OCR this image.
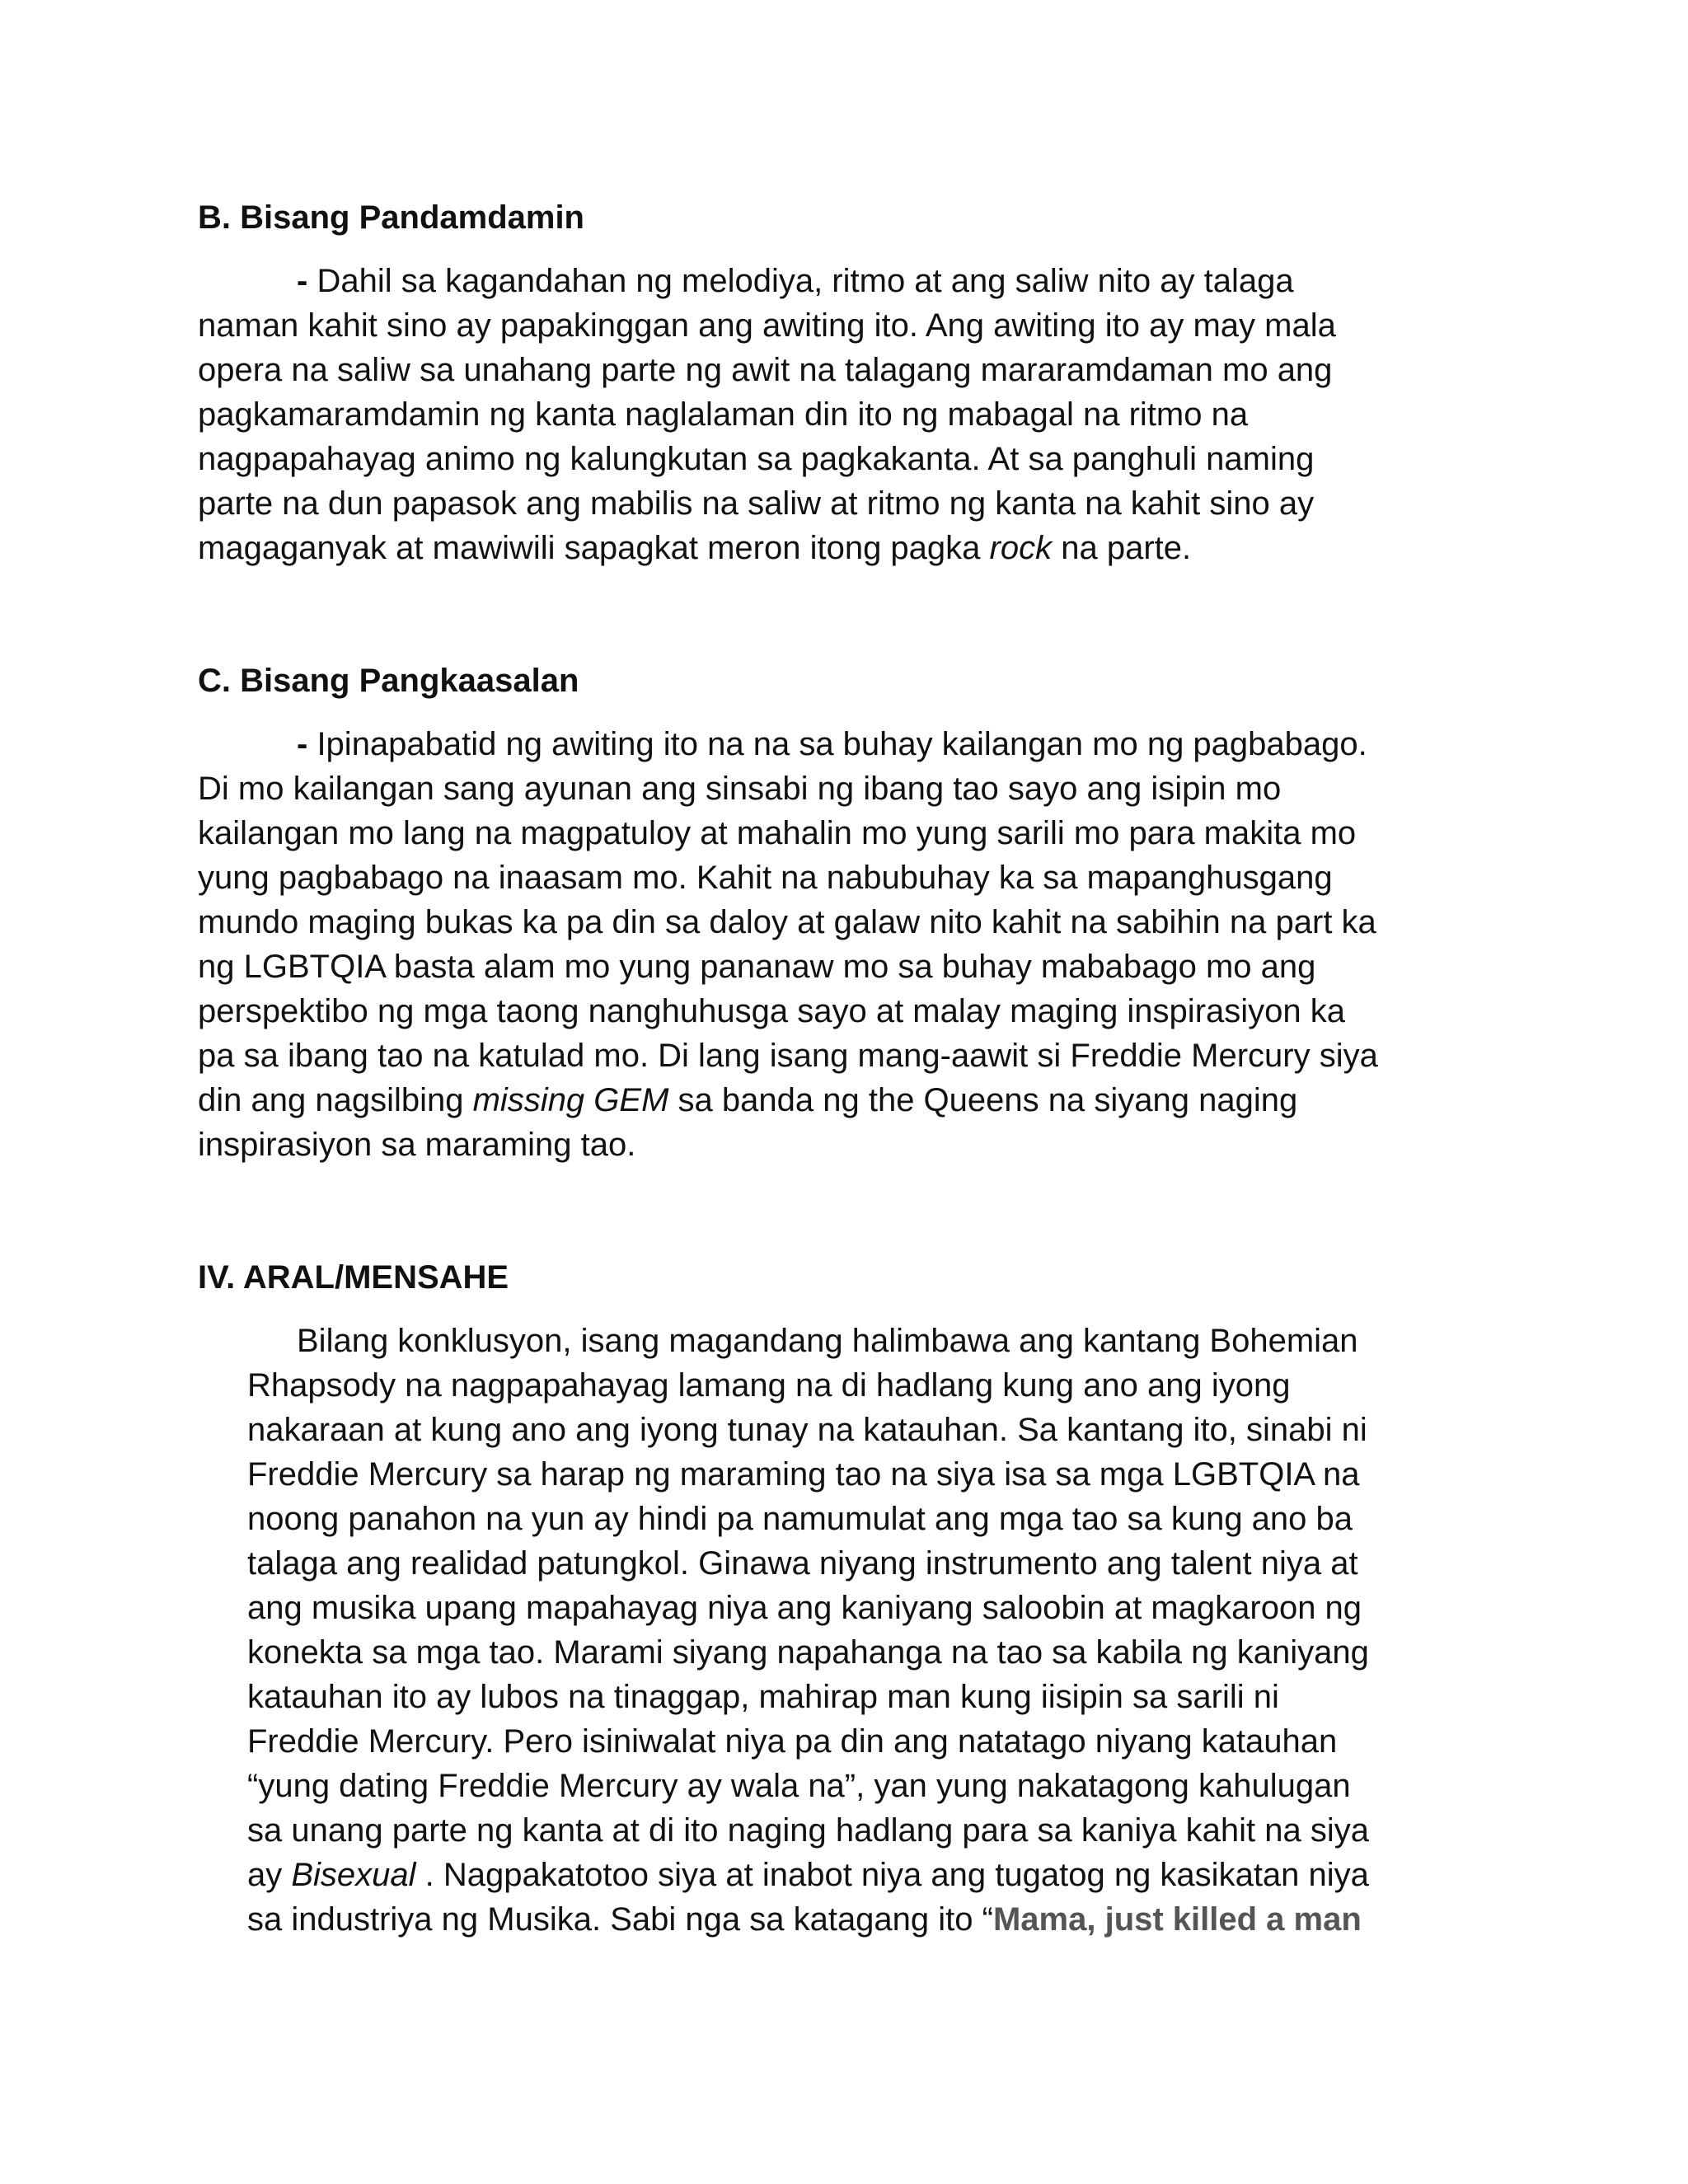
B. Bisang Pandamdamin
- Dahil sa kagandahan ng melodiya, ritmo at ang saliw nito ay talaga
naman kahit sino ay papakinggan ang awiting ito. Ang awiting ito ay may mala
opera na saliw sa unahang parte ng awit na talagang mararamdaman mo ang
pagkamaramdamin ng kanta naglalaman din ito ng mabagal na ritmo na
nagpapahayag animo ng kalungkutan sa pagkakanta. At sa panghuli naming
parte na dun papasok ang mabilis na saliw at ritmo ng kanta na kahit sino ay
magaganyak at mawiwili sapagkat meron itong pagka rock na parte.
C. Bisang Pangkaasalan
- Ipinapabatid ng awiting ito na na sa buhay kailangan mo ng pagbabago.
Di mo kailangan sang ayunan ang sinsabi ng ibang tao sayo ang isipin mo
kailangan mo lang na magpatuloy at mahalin mo yung sarili mo para makita mo
yung pagbabago na inaasam mo. Kahit na nabubuhay ka sa mapanghusgang
mundo maging bukas ka pa din sa daloy at galaw nito kahit na sabihin na part ka
ng LGBTQIA basta alam mo yung pananaw mo sa buhay mababago mo ang
perspektibo ng mga taong nanghuhusga sayo at malay maging inspirasiyon ka
pa sa ibang tao na katulad mo. Di lang isang mang-aawit si Freddie Mercury siya
din ang nagsilbing missing GEM sa banda ng the Queens na siyang naging
inspirasiyon sa maraming tao.
IV. ARAL/MENSAHE
Bilang konklusyon, isang magandang halimbawa ang kantang Bohemian
Rhapsody na nagpapahayag lamang na di hadlang kung ano ang iyong
nakaraan at kung ano ang iyong tunay na katauhan. Sa kantang ito, sinabi ni
Freddie Mercury sa harap ng maraming tao na siya isa sa mga LGBTQIA na
noong panahon na yun ay hindi pa namumulat ang mga tao sa kung ano ba
talaga ang realidad patungkol. Ginawa niyang instrumento ang talent niya at
ang musika upang mapahayag niya ang kaniyang saloobin at magkaroon ng
konekta sa mga tao. Marami siyang napahanga na tao sa kabila ng kaniyang
katauhan ito ay lubos na tinaggap, mahirap man kung iisipin sa sarili ni
Freddie Mercury. Pero isiniwalat niya pa din ang natatago niyang katauhan
“yung dating Freddie Mercury ay wala na”, yan yung nakatagong kahulugan
sa unang parte ng kanta at di ito naging hadlang para sa kaniya kahit na siya
ay Bisexual . Nagpakatotoo siya at inabot niya ang tugatog ng kasikatan niya
sa industriya ng Musika. Sabi nga sa katagang ito “Mama, just killed a man
